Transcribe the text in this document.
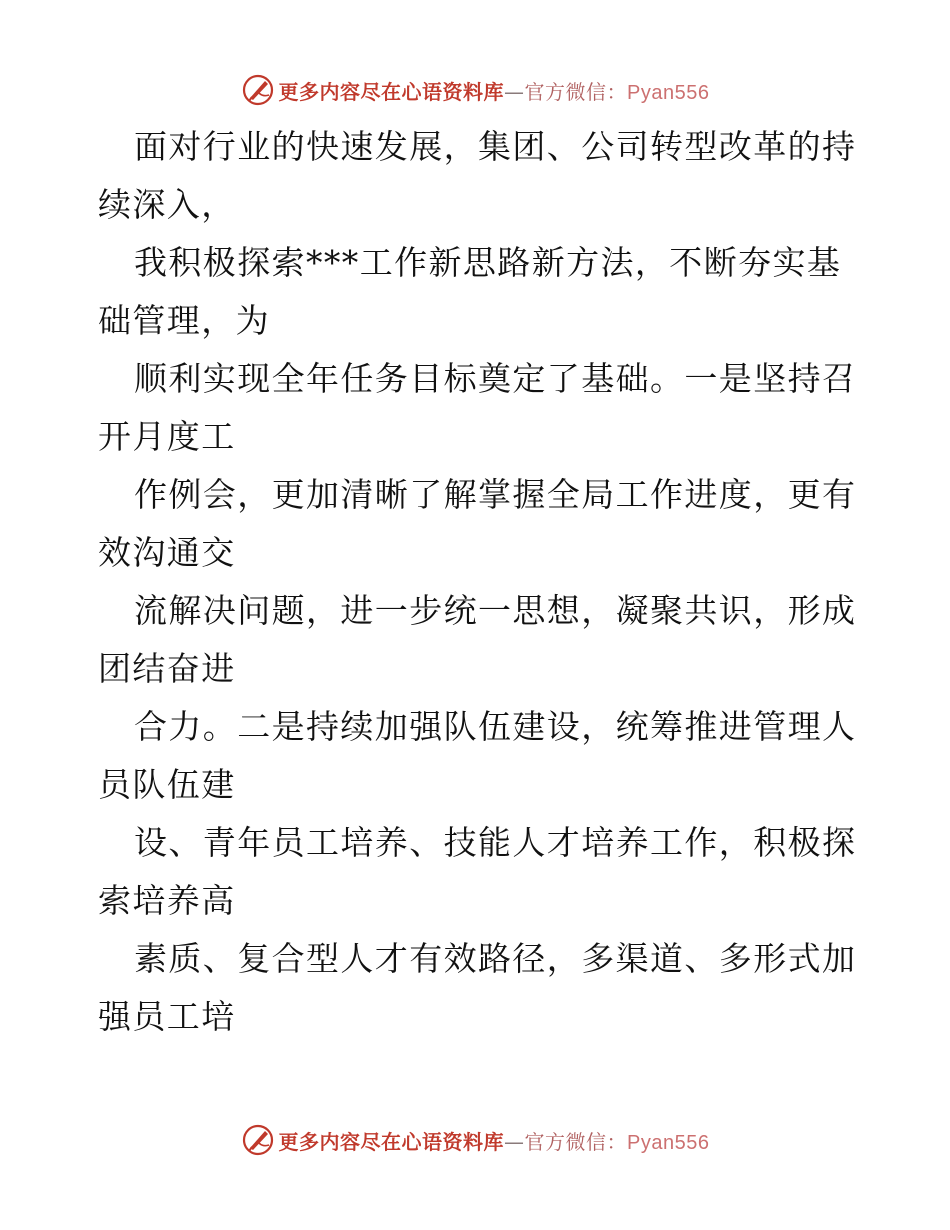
更多内容尽在心语资料库—官方微信：Pyan556

面对行业的快速发展，集团、公司转型改革的持
续深入，

我积极探索***工作新思路新方法，不断夯实基
础管理，为

顺利实现全年任务目标奠定了基础。一是坚持召
开月度工

作例会，更加清晰了解掌握全局工作进度，更有
效沟通交

流解决问题，进一步统一思想，凝聚共识，形成
团结奋进

合力。二是持续加强队伍建设，统筹推进管理人
员队伍建

设、青年员工培养、技能人才培养工作，积极探
索培养高

素质、复合型人才有效路径，多渠道、多形式加
强员工培

更多内容尽在心语资料库—官方微信：Pyan556
